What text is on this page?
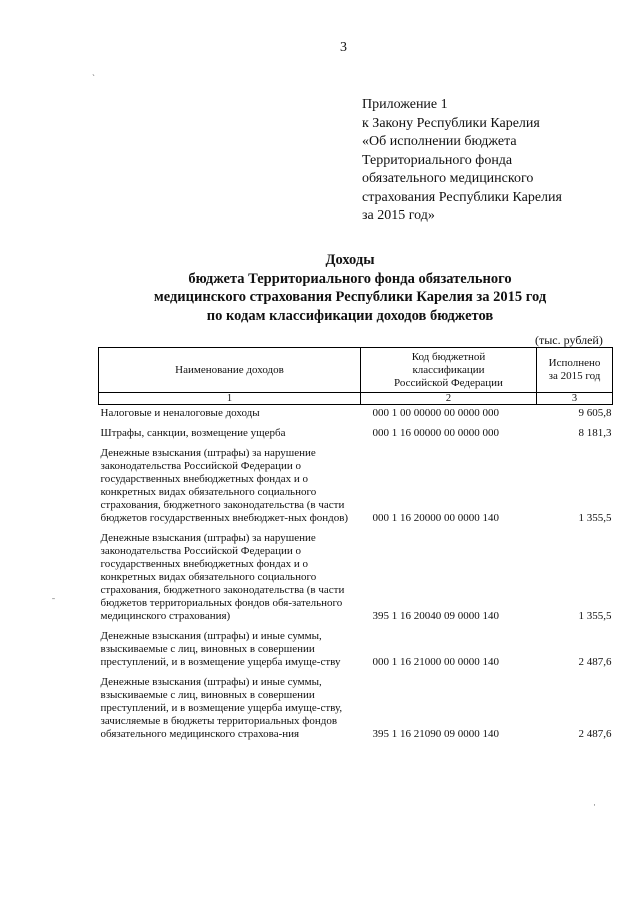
3
Приложение 1
к Закону Республики Карелия
«Об исполнении бюджета
Территориального фонда
обязательного медицинского
страхования Республики Карелия
за 2015 год»
Доходы
бюджета Территориального фонда обязательного
медицинского страхования Республики Карелия за 2015 год
по кодам классификации доходов бюджетов
(тыс. рублей)
Наименование доходов	Код бюджетной классификации Российской Федерации	Исполнено за 2015 год
1	2	3
Налоговые и неналоговые доходы	000 1 00 00000 00 0000 000	9 605,8
Штрафы, санкции, возмещение ущерба	000 1 16 00000 00 0000 000	8 181,3
Денежные взыскания (штрафы) за нарушение законодательства Российской Федерации о государственных внебюджетных фондах и о конкретных видах обязательного социального страхования, бюджетного законодательства (в части бюджетов государственных внебюджет-ных фондов)	000 1 16 20000 00 0000 140	1 355,5
Денежные взыскания (штрафы) за нарушение законодательства Российской Федерации о государственных внебюджетных фондах и о конкретных видах обязательного социального страхования, бюджетного законодательства (в части бюджетов территориальных фондов обя-зательного медицинского страхования)	395 1 16 20040 09 0000 140	1 355,5
Денежные взыскания (штрафы) и иные суммы, взыскиваемые с лиц, виновных в совершении преступлений, и в возмещение ущерба имуще-ству	000 1 16 21000 00 0000 140	2 487,6
Денежные взыскания (штрафы) и иные суммы, взыскиваемые с лиц, виновных в совершении преступлений, и в возмещение ущерба имуще-ству, зачисляемые в бюджеты территориальных фондов обязательного медицинского страхова-ния	395 1 16 21090 09 0000 140	2 487,6
ˏ
ˍ
·
